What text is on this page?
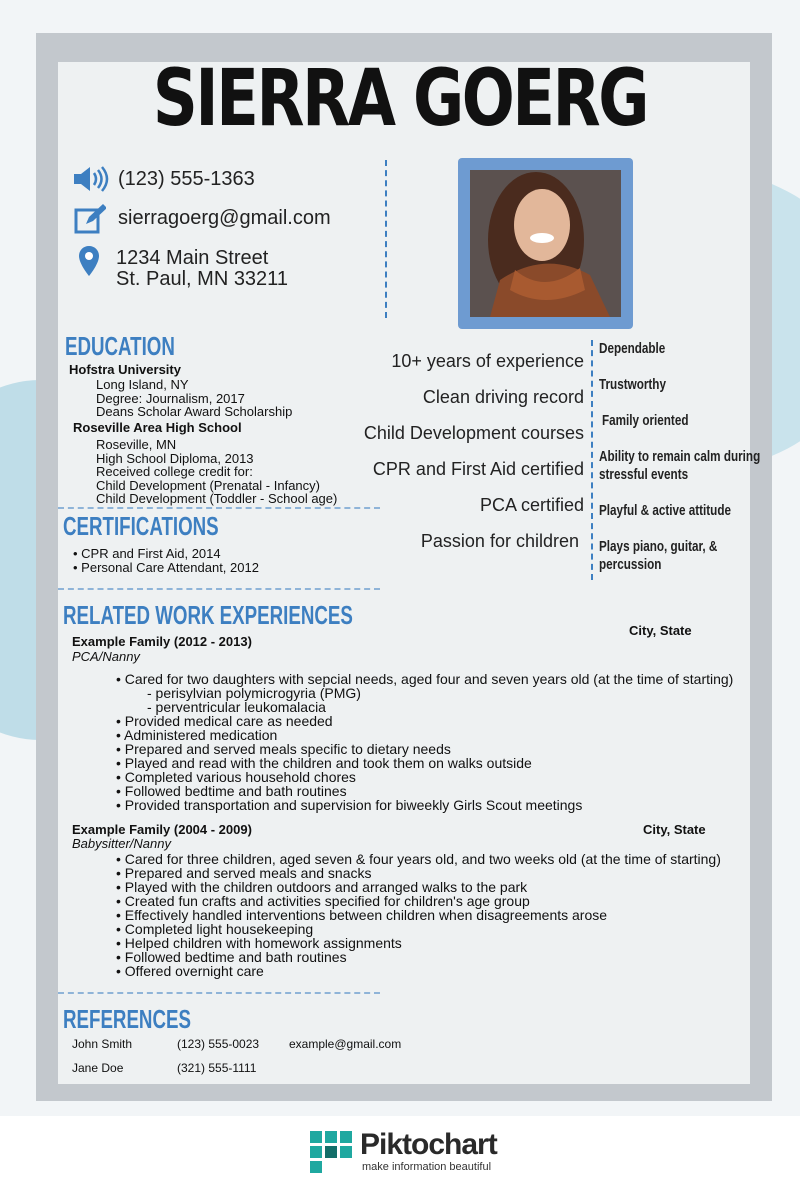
SIERRA GOERG
(123) 555-1363
sierragoerg@gmail.com
1234 Main Street
St. Paul, MN 33211
EDUCATION
Hofstra University
Long Island, NY
Degree: Journalism, 2017
Deans Scholar Award Scholarship
Roseville Area High School
Roseville, MN
High School Diploma, 2013
Received college credit for:
Child Development (Prenatal - Infancy)
Child Development (Toddler - School age)
10+ years of experience
Clean driving record
Child Development courses
CPR and First Aid certified
PCA certified
Passion for children
Dependable
Trustworthy
Family oriented
Ability to remain calm during
stressful events
Playful & active attitude
Plays piano, guitar, &
percussion
CERTIFICATIONS
• CPR and First Aid, 2014
• Personal Care Attendant, 2012
RELATED WORK EXPERIENCES
Example Family (2012 - 2013)
City, State
PCA/Nanny
• Cared for two daughters with sepcial needs, aged four and seven years old (at the time of starting)
- perisylvian polymicrogyria (PMG)
- perventricular leukomalacia
• Provided medical care as needed
• Administered medication
• Prepared and served meals specific to dietary needs
• Played and read with the children and took them on walks outside
• Completed various household chores
• Followed bedtime and bath routines
• Provided transportation and supervision for biweekly Girls Scout meetings
Example Family (2004 - 2009)	City, State
Babysitter/Nanny
• Cared for three children, aged seven & four years old, and two weeks old (at the time of starting)
• Prepared and served meals and snacks
• Played with the children outdoors and arranged walks to the park
• Created fun crafts and activities specified for children's age group
• Effectively handled interventions between children when disagreements arose
• Completed light housekeeping
• Helped children with homework assignments
• Followed bedtime and bath routines
• Offered overnight care
REFERENCES
John Smith	(123) 555-0023 example@gmail.com
Jane Doe	(321) 555-1111
Piktochart
make information beautiful
